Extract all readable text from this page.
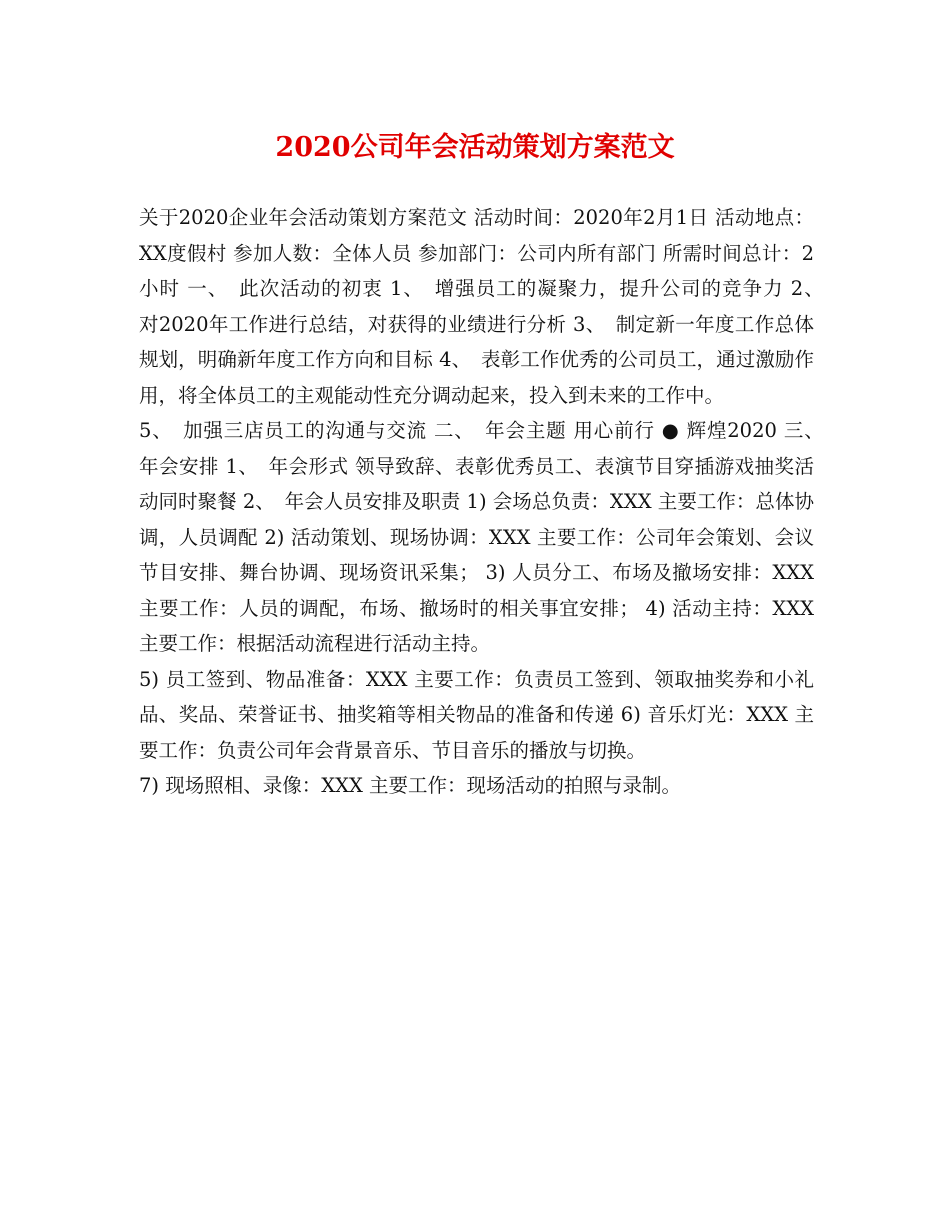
2020公司年会活动策划方案范文

关于2020企业年会活动策划方案范文 活动时间：2020年2月1日 活动地点：XX度假村 参加人数：全体人员 参加部门：公司内所有部门 所需时间总计：2小时 一、　此次活动的初衷 1、　增强员工的凝聚力，提升公司的竞争力 2、　对2020年工作进行总结，对获得的业绩进行分析 3、　制定新一年度工作总体规划，明确新年度工作方向和目标 4、　表彰工作优秀的公司员工，通过激励作用，将全体员工的主观能动性充分调动起来，投入到未来的工作中。

5、　加强三店员工的沟通与交流 二、　年会主题 用心前行 ● 辉煌2020 三、　年会安排 1、　年会形式 领导致辞、表彰优秀员工、表演节目穿插游戏抽奖活动同时聚餐 2、　年会人员安排及职责 1) 会场总负责：XXX 主要工作：总体协调，人员调配 2) 活动策划、现场协调：XXX 主要工作：公司年会策划、会议节目安排、舞台协调、现场资讯采集； 3) 人员分工、布场及撤场安排：XXX 主要工作：人员的调配，布场、撤场时的相关事宜安排； 4) 活动主持：XXX 主要工作：根据活动流程进行活动主持。

5) 员工签到、物品准备：XXX 主要工作：负责员工签到、领取抽奖券和小礼品、奖品、荣誉证书、抽奖箱等相关物品的准备和传递 6) 音乐灯光：XXX 主要工作：负责公司年会背景音乐、节目音乐的播放与切换。

7) 现场照相、录像：XXX 主要工作：现场活动的拍照与录制。
